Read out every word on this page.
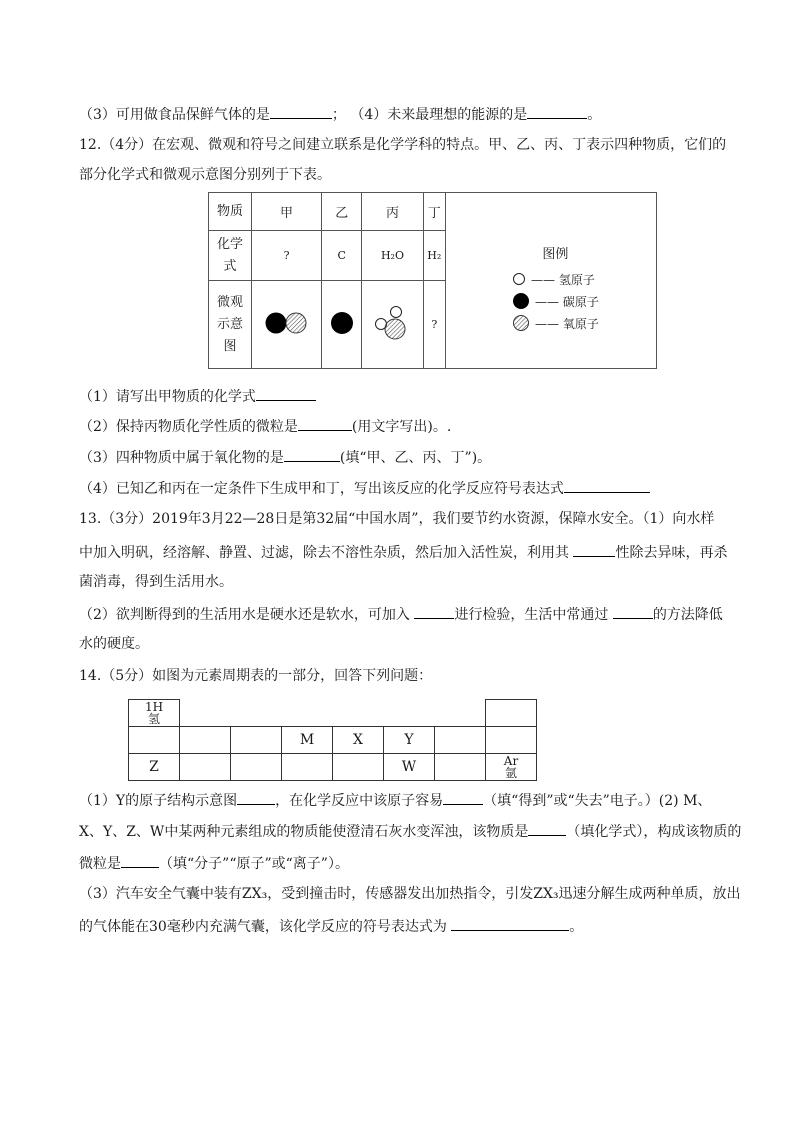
（3）可用做食品保鲜气体的是	； （4）未来最理想的能源的是	。
12.（4分）在宏观、微观和符号之间建立联系是化学学科的特点。甲、乙、丙、丁表示四种物质，它们的
部分化学式和微观示意图分别列于下表。
物质	甲	乙	丙	丁	图例
—— 氢原子
—— 碳原子
—— 氧原子

化学
式	?	C	H₂O	H₂	

微观
示意
图				?	
（1）请写出甲物质的化学式
（2）保持丙物质化学性质的微粒是	(用文字写出)。.
（3）四种物质中属于氧化物的是	(填“甲、乙、丙、丁”)。
（4）已知乙和丙在一定条件下生成甲和丁，写出该反应的化学反应符号表达式
13.（3分）2019年3月22—28日是第32届“中国水周”，我们要节约水资源，保障水安全。（1）向水样
中加入明矾，经溶解、静置、过滤，除去不溶性杂质，然后加入活性炭，利用其	性除去异味，再杀
菌消毒，得到生活用水。
（2）欲判断得到的生活用水是硬水还是软水，可加入	进行检验，生活中常通过	的方法降低
水的硬度。
14.（5分）如图为元素周期表的一部分，回答下列问题：
1H
氢							

			M	X	Y		
Z					W		Ar
氩
（1）Y的原子结构示意图	，在化学反应中该原子容易	（填“得到”或“失去”电子。）(2) M、
X、Y、Z、W中某两种元素组成的物质能使澄清石灰水变浑浊，该物质是	（填化学式），构成该物质的
微粒是	（填“分子”“原子”或“离子”）。
（3）汽车安全气囊中装有ZX₃，受到撞击时，传感器发出加热指令，引发ZX₃迅速分解生成两种单质，放出
的气体能在30毫秒内充满气囊，该化学反应的符号表达式为	。
